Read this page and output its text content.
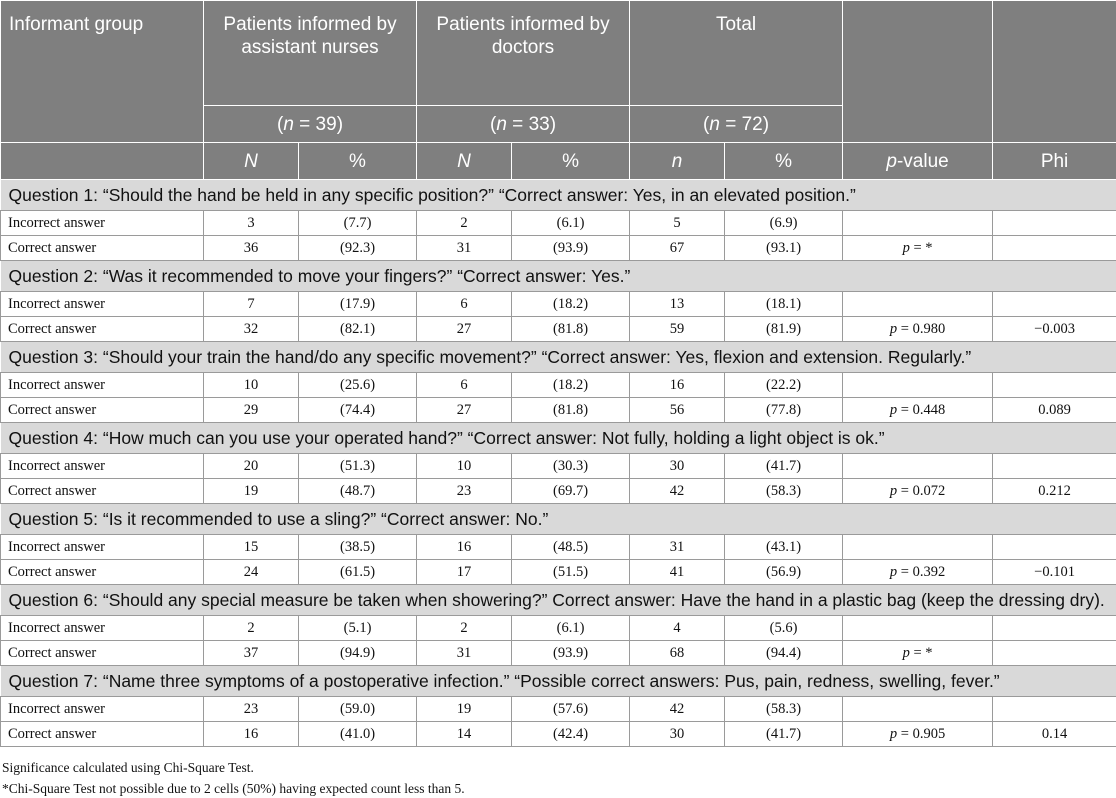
Informant group	Patients informed by assistant nurses		Patients informed by doctors		Total			
	(n = 39)		(n = 33)		(n = 72)			
	N	%	N	%	n	%	p-value	Phi
Question 1: “Should the hand be held in any specific position?” “Correct answer: Yes, in an elevated position.”								
Incorrect answer	3	(7.7)	2	(6.1)	5	(6.9)		
Correct answer	36	(92.3)	31	(93.9)	67	(93.1)	p = *	
Question 2: “Was it recommended to move your fingers?” “Correct answer: Yes.”								
Incorrect answer	7	(17.9)	6	(18.2)	13	(18.1)		
Correct answer	32	(82.1)	27	(81.8)	59	(81.9)	p = 0.980	−0.003
Question 3: “Should your train the hand/do any specific movement?” “Correct answer: Yes, flexion and extension. Regularly.”								
Incorrect answer	10	(25.6)	6	(18.2)	16	(22.2)		
Correct answer	29	(74.4)	27	(81.8)	56	(77.8)	p = 0.448	0.089
Question 4: “How much can you use your operated hand?” “Correct answer: Not fully, holding a light object is ok.”								
Incorrect answer	20	(51.3)	10	(30.3)	30	(41.7)		
Correct answer	19	(48.7)	23	(69.7)	42	(58.3)	p = 0.072	0.212
Question 5: “Is it recommended to use a sling?” “Correct answer: No.”								
Incorrect answer	15	(38.5)	16	(48.5)	31	(43.1)		
Correct answer	24	(61.5)	17	(51.5)	41	(56.9)	p = 0.392	−0.101
Question 6: “Should any special measure be taken when showering?” Correct answer: Have the hand in a plastic bag (keep the dressing dry).								
Incorrect answer	2	(5.1)	2	(6.1)	4	(5.6)		
Correct answer	37	(94.9)	31	(93.9)	68	(94.4)	p = *	
Question 7: “Name three symptoms of a postoperative infection.” “Possible correct answers: Pus, pain, redness, swelling, fever.”								
Incorrect answer	23	(59.0)	19	(57.6)	42	(58.3)		
Correct answer	16	(41.0)	14	(42.4)	30	(41.7)	p = 0.905	0.14
Significance calculated using Chi-Square Test.
*Chi-Square Test not possible due to 2 cells (50%) having expected count less than 5.
